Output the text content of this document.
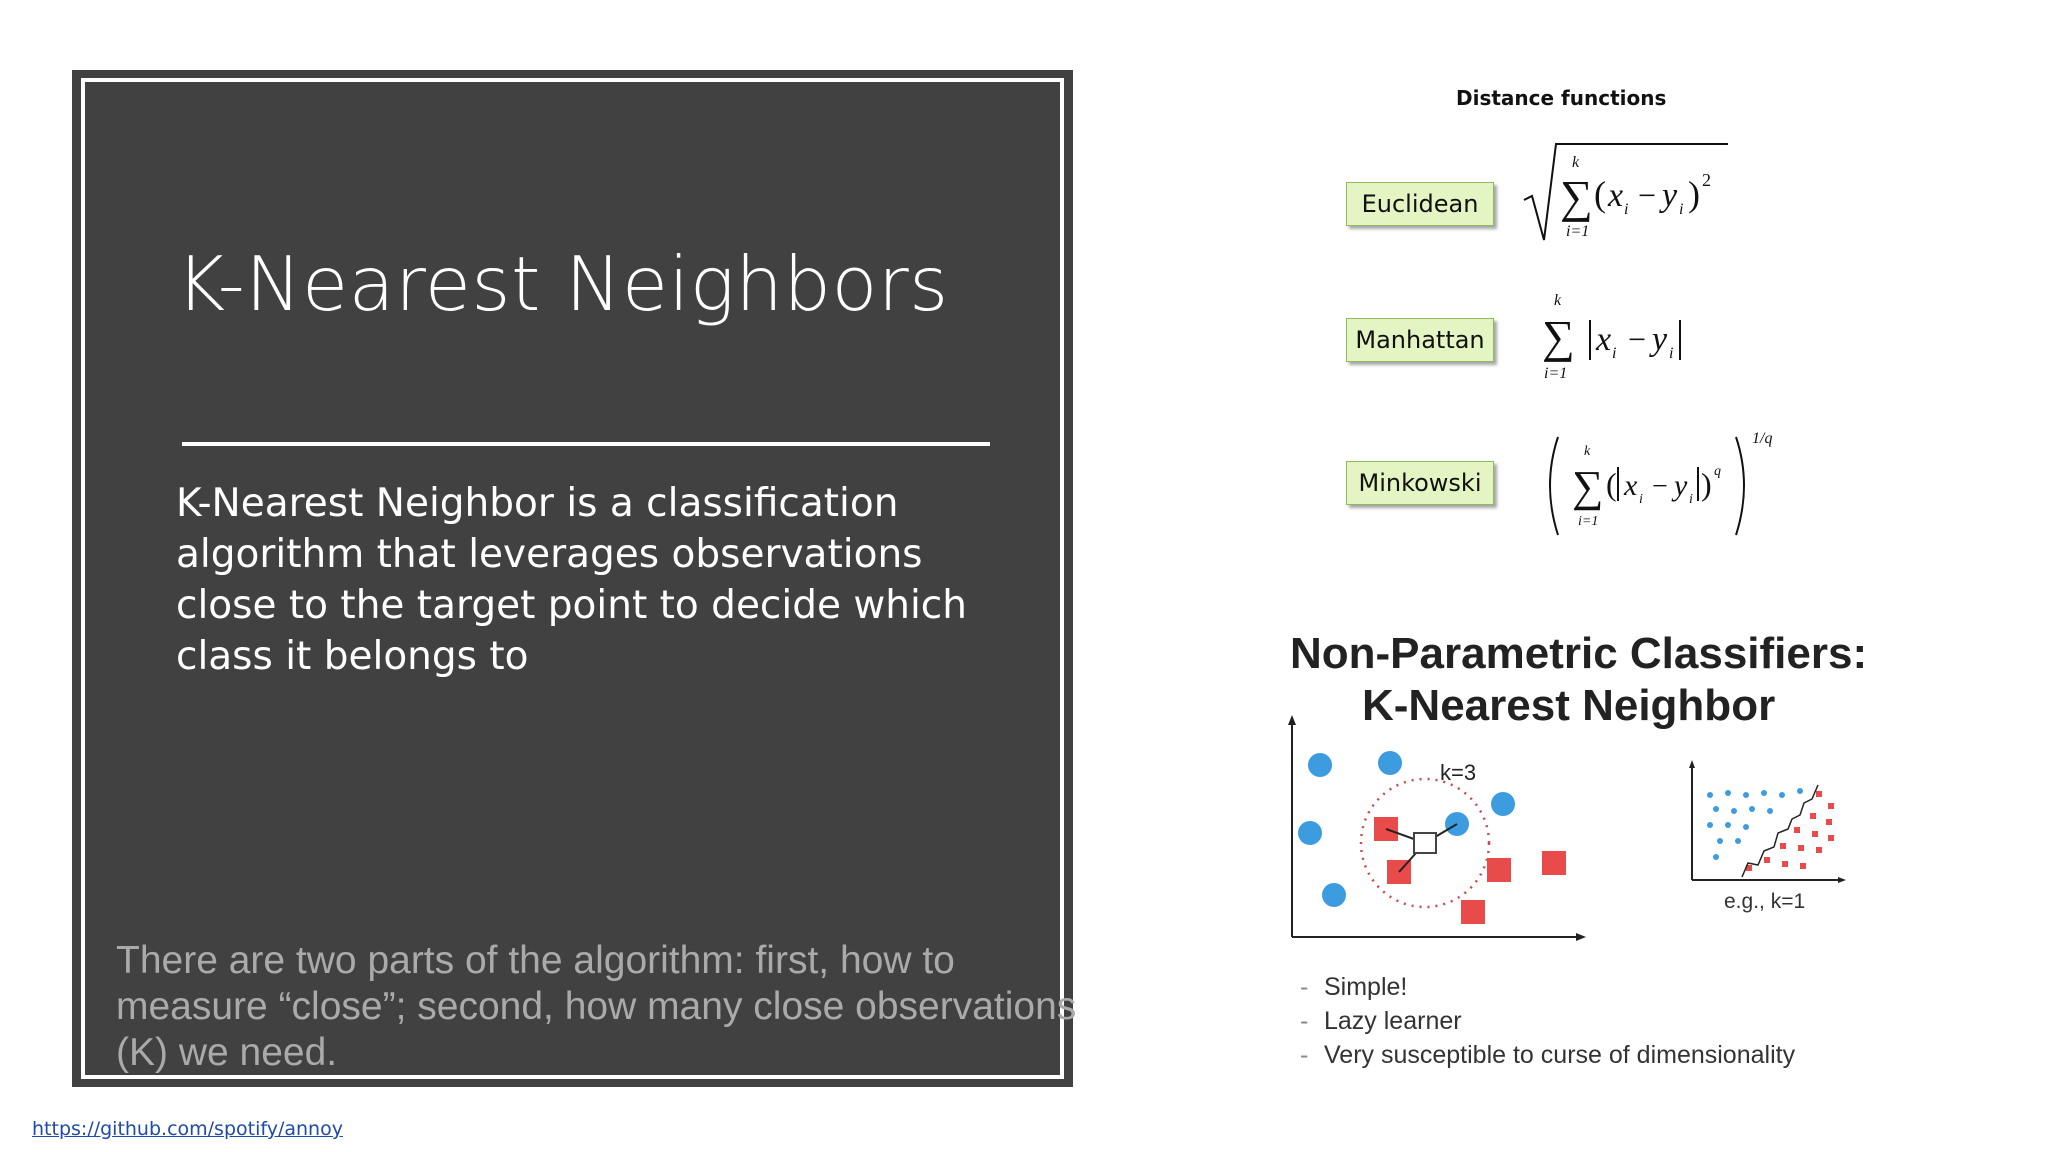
K-Nearest Neighbors

K-Nearest Neighbor is a classification algorithm that leverages observations close to the target point to decide which class it belongs to

There are two parts of the algorithm: first, how to measure “close”; second, how many close observations (K) we need.

https://github.com/spotify/annoy
Distance functions
Euclidean
Manhattan
Minkowski
k
∑
i=1
( x i − y i ) 2
k
∑
i=1
x i − y i
k
∑
i=1
( x i − y i ) q
1/q
Non-Parametric Classifiers:
K-Nearest Neighbor
k=3
e.g., k=1
- Simple!
- Lazy learner
- Very susceptible to curse of dimensionality
